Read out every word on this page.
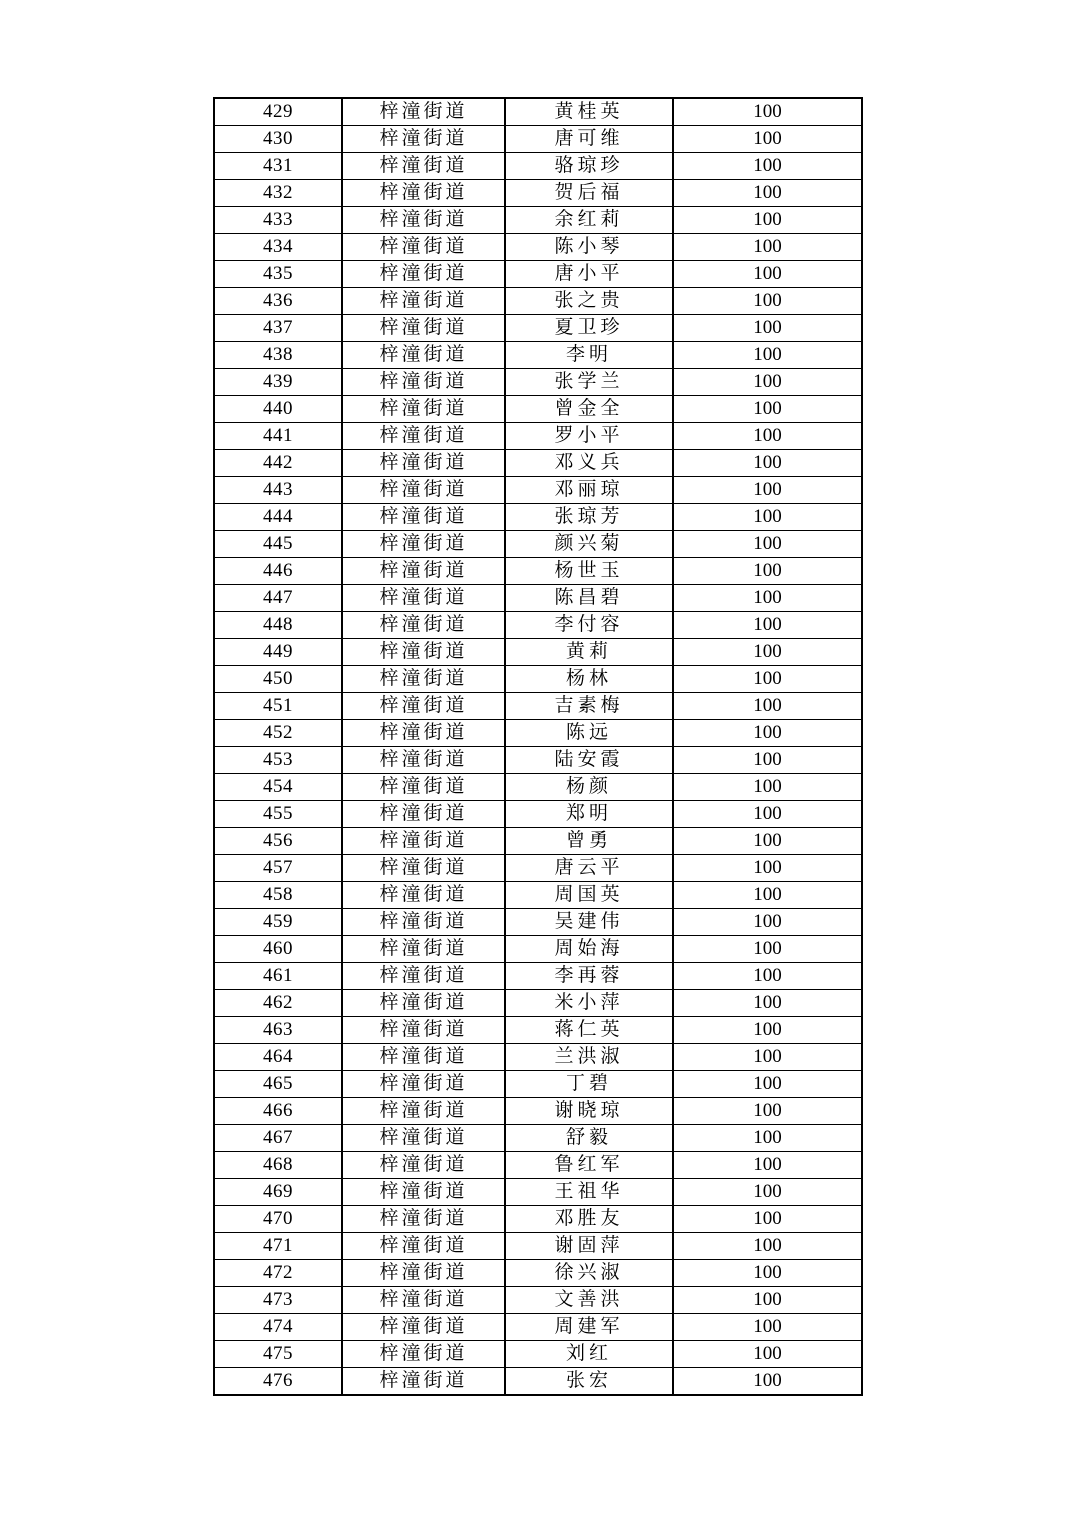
429	梓潼街道	黄桂英	100
430	梓潼街道	唐可维	100
431	梓潼街道	骆琼珍	100
432	梓潼街道	贺后福	100
433	梓潼街道	余红莉	100
434	梓潼街道	陈小琴	100
435	梓潼街道	唐小平	100
436	梓潼街道	张之贵	100
437	梓潼街道	夏卫珍	100
438	梓潼街道	李明	100
439	梓潼街道	张学兰	100
440	梓潼街道	曾金全	100
441	梓潼街道	罗小平	100
442	梓潼街道	邓义兵	100
443	梓潼街道	邓丽琼	100
444	梓潼街道	张琼芳	100
445	梓潼街道	颜兴菊	100
446	梓潼街道	杨世玉	100
447	梓潼街道	陈昌碧	100
448	梓潼街道	李付容	100
449	梓潼街道	黄莉	100
450	梓潼街道	杨林	100
451	梓潼街道	吉素梅	100
452	梓潼街道	陈远	100
453	梓潼街道	陆安霞	100
454	梓潼街道	杨颜	100
455	梓潼街道	郑明	100
456	梓潼街道	曾勇	100
457	梓潼街道	唐云平	100
458	梓潼街道	周国英	100
459	梓潼街道	吴建伟	100
460	梓潼街道	周始海	100
461	梓潼街道	李再蓉	100
462	梓潼街道	米小萍	100
463	梓潼街道	蒋仁英	100
464	梓潼街道	兰洪淑	100
465	梓潼街道	丁碧	100
466	梓潼街道	谢晓琼	100
467	梓潼街道	舒毅	100
468	梓潼街道	鲁红军	100
469	梓潼街道	王祖华	100
470	梓潼街道	邓胜友	100
471	梓潼街道	谢固萍	100
472	梓潼街道	徐兴淑	100
473	梓潼街道	文善洪	100
474	梓潼街道	周建军	100
475	梓潼街道	刘红	100
476	梓潼街道	张宏	100
